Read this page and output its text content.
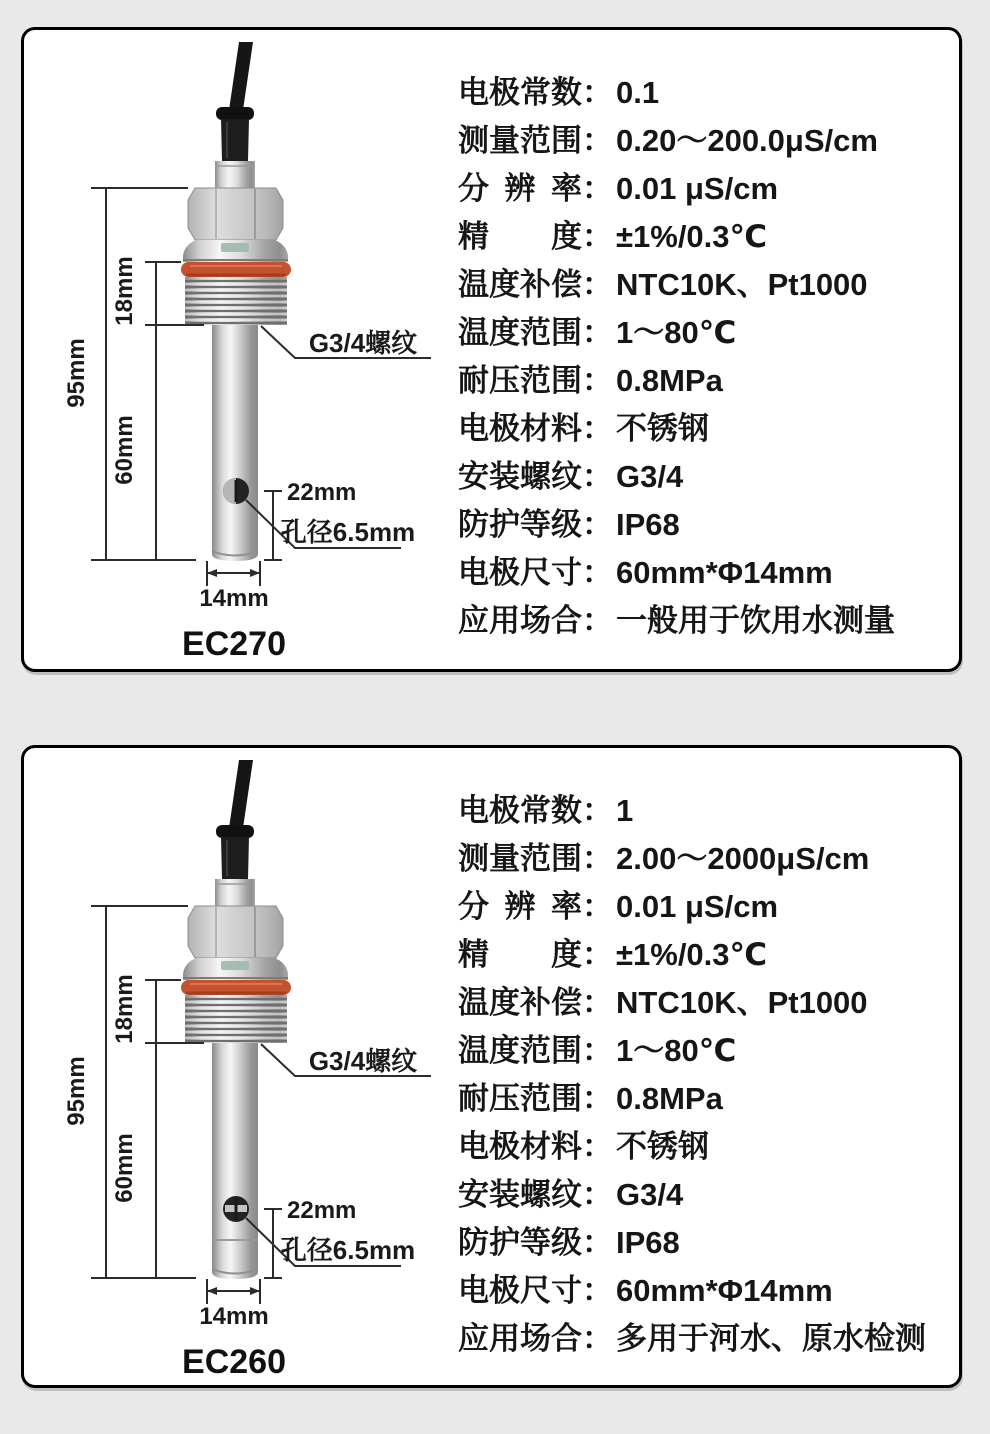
95mm
18mm
60mm
G3/4螺纹
22mm
孔径6.5mm
14mm
EC270
电极常数 ： 0.1
测量范围 ： 0.20～200.0μS/cm
分辨率 ： 0.01 μS/cm
精度 ： ±1%/0.3℃
温度补偿 ： NTC10K、Pt1000
温度范围 ： 1～80℃
耐压范围 ： 0.8MPa
电极材料 ： 不锈钢
安装螺纹 ： G3/4
防护等级 ： IP68
电极尺寸 ： 60mm*Φ14mm
应用场合 ： 一般用于饮用水测量
95mm
18mm
60mm
G3/4螺纹
22mm
孔径6.5mm
14mm
EC260
电极常数 ： 1
测量范围 ： 2.00～2000μS/cm
分辨率 ： 0.01 μS/cm
精度 ： ±1%/0.3℃
温度补偿 ： NTC10K、Pt1000
温度范围 ： 1～80℃
耐压范围 ： 0.8MPa
电极材料 ： 不锈钢
安装螺纹 ： G3/4
防护等级 ： IP68
电极尺寸 ： 60mm*Φ14mm
应用场合 ： 多用于河水、原水检测
